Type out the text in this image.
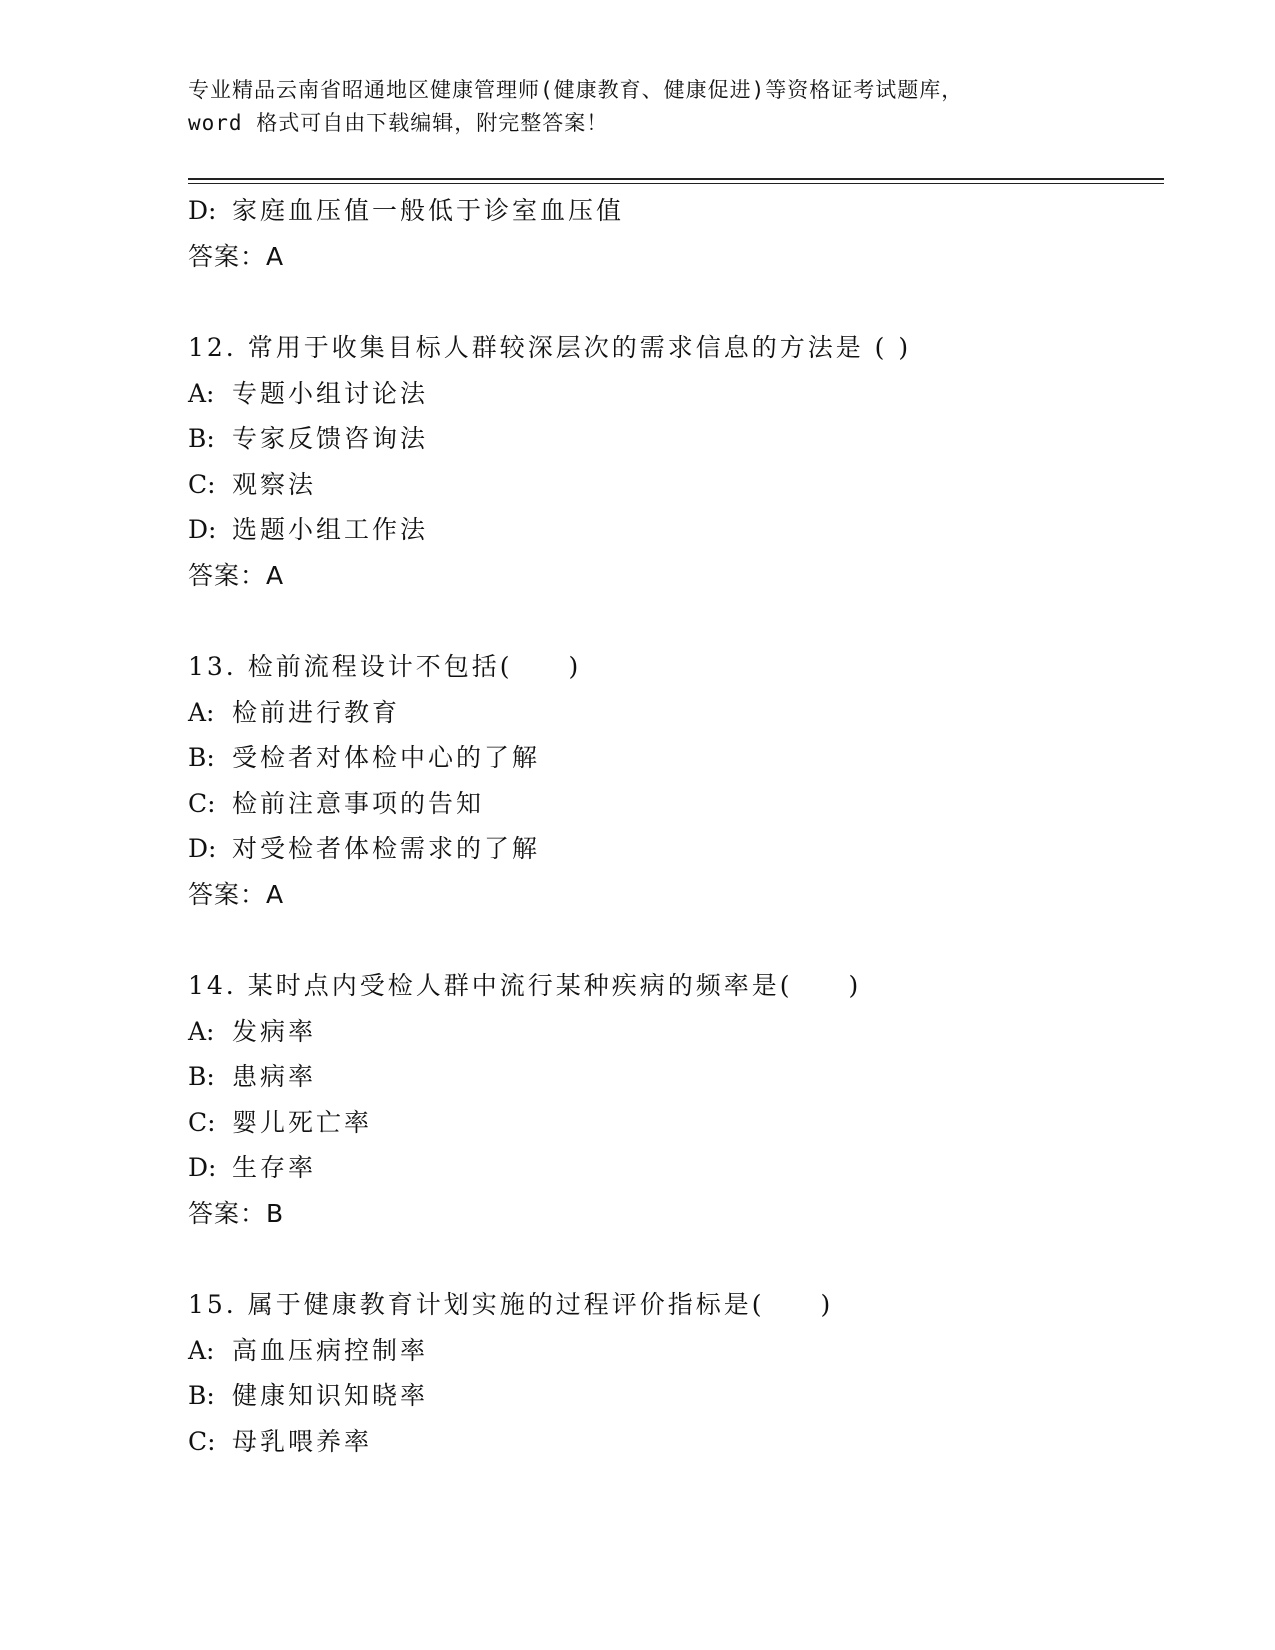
专业精品云南省昭通地区健康管理师(健康教育、健康促进)等资格证考试题库，
word 格式可自由下载编辑，附完整答案！
D: 家庭血压值一般低于诊室血压值
答案：A
12. 常用于收集目标人群较深层次的需求信息的方法是 ( )
A: 专题小组讨论法
B: 专家反馈咨询法
C: 观察法
D: 选题小组工作法
答案：A
13. 检前流程设计不包括(　　)
A: 检前进行教育
B: 受检者对体检中心的了解
C: 检前注意事项的告知
D: 对受检者体检需求的了解
答案：A
14. 某时点内受检人群中流行某种疾病的频率是(　　)
A: 发病率
B: 患病率
C: 婴儿死亡率
D: 生存率
答案：B
15. 属于健康教育计划实施的过程评价指标是(　　)
A: 高血压病控制率
B: 健康知识知晓率
C: 母乳喂养率
